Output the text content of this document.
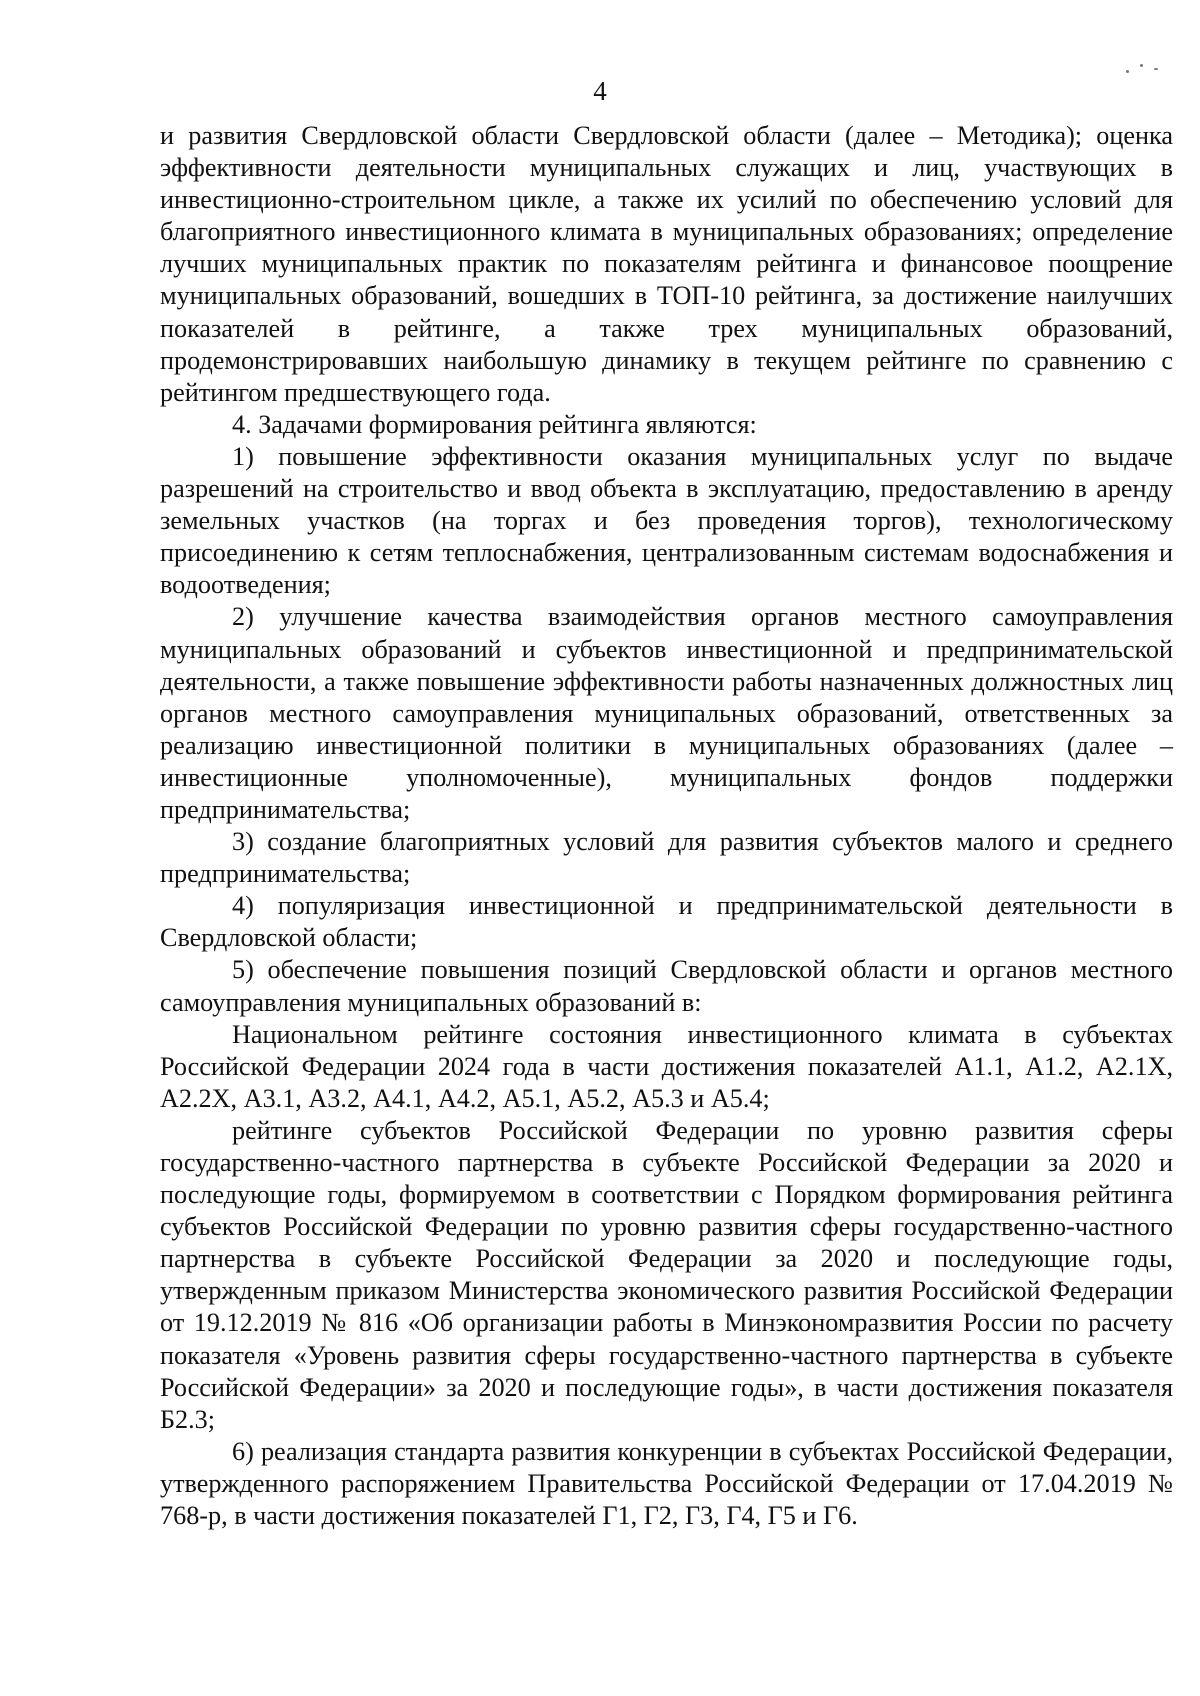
4

и развития Свердловской области Свердловской области (далее – Методика); оценка эффективности деятельности муниципальных служащих и лиц, участвующих в инвестиционно-строительном цикле, а также их усилий по обеспечению условий для благоприятного инвестиционного климата в муниципальных образованиях; определение лучших муниципальных практик по показателям рейтинга и финансовое поощрение муниципальных образований, вошедших в ТОП-10 рейтинга, за достижение наилучших показателей в рейтинге, а также трех муниципальных образований, продемонстрировавших наибольшую динамику в текущем рейтинге по сравнению с рейтингом предшествующего года.

4. Задачами формирования рейтинга являются:

1) повышение эффективности оказания муниципальных услуг по выдаче разрешений на строительство и ввод объекта в эксплуатацию, предоставлению в аренду земельных участков (на торгах и без проведения торгов), технологическому присоединению к сетям теплоснабжения, централизованным системам водоснабжения и водоотведения;

2) улучшение качества взаимодействия органов местного самоуправления муниципальных образований и субъектов инвестиционной и предпринимательской деятельности, а также повышение эффективности работы назначенных должностных лиц органов местного самоуправления муниципальных образований, ответственных за реализацию инвестиционной политики в муниципальных образованиях (далее – инвестиционные уполномоченные), муниципальных фондов поддержки предпринимательства;

3) создание благоприятных условий для развития субъектов малого и среднего предпринимательства;

4) популяризация инвестиционной и предпринимательской деятельности в Свердловской области;

5) обеспечение повышения позиций Свердловской области и органов местного самоуправления муниципальных образований в:

Национальном рейтинге состояния инвестиционного климата в субъектах Российской Федерации 2024 года в части достижения показателей А1.1, А1.2, А2.1Х, А2.2Х, А3.1, А3.2, А4.1, А4.2, А5.1, А5.2, А5.3 и А5.4;

рейтинге субъектов Российской Федерации по уровню развития сферы государственно-частного партнерства в субъекте Российской Федерации за 2020 и последующие годы, формируемом в соответствии с Порядком формирования рейтинга субъектов Российской Федерации по уровню развития сферы государственно-частного партнерства в субъекте Российской Федерации за 2020 и последующие годы, утвержденным приказом Министерства экономического развития Российской Федерации от 19.12.2019 № 816 «Об организации работы в Минэкономразвития России по расчету показателя «Уровень развития сферы государственно-частного партнерства в субъекте Российской Федерации» за 2020 и последующие годы», в части достижения показателя Б2.3;

6) реализация стандарта развития конкуренции в субъектах Российской Федерации, утвержденного распоряжением Правительства Российской Федерации от 17.04.2019 № 768-р, в части достижения показателей Г1, Г2, Г3, Г4, Г5 и Г6.
